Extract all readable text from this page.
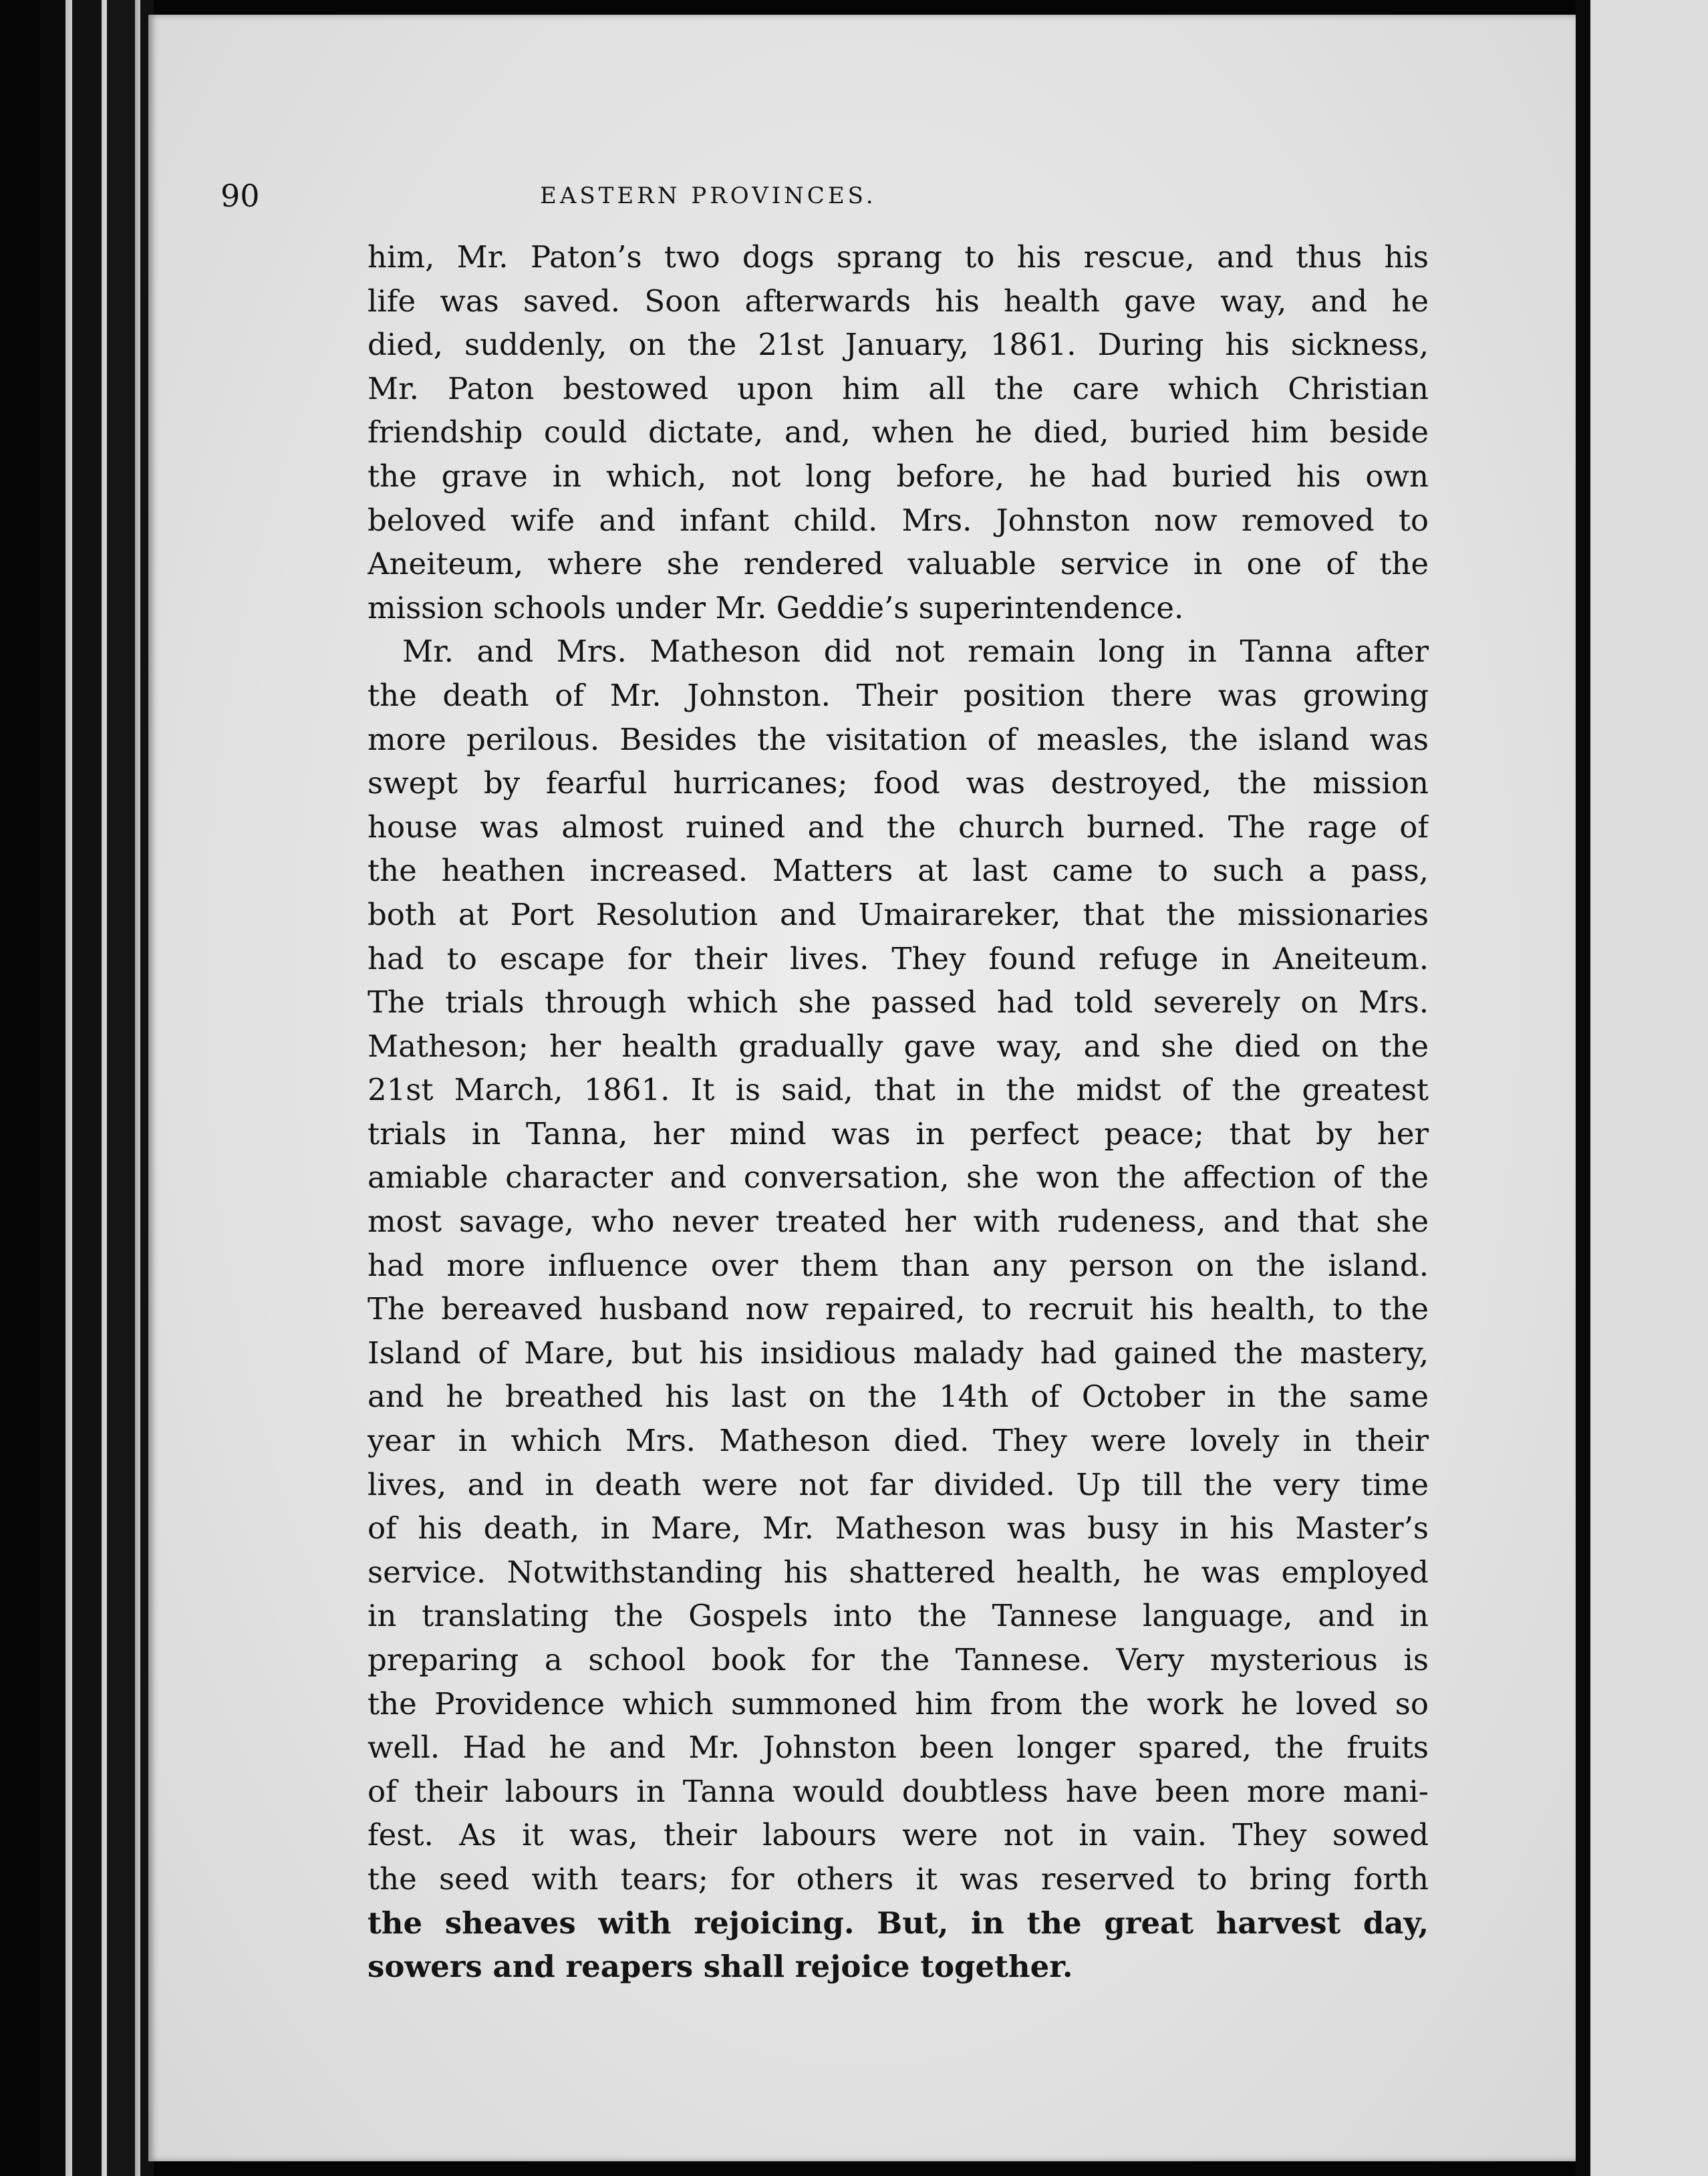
90	EASTERN PROVINCES.

him, Mr. Paton’s two dogs sprang to his rescue, and thus his
life was saved. Soon afterwards his health gave way, and he
died, suddenly, on the 21st January, 1861. During his sickness,
Mr. Paton bestowed upon him all the care which Christian
friendship could dictate, and, when he died, buried him beside
the grave in which, not long before, he had buried his own
beloved wife and infant child. Mrs. Johnston now removed to
Aneiteum, where she rendered valuable service in one of the
mission schools under Mr. Geddie’s superintendence.

Mr. and Mrs. Matheson did not remain long in Tanna after
the death of Mr. Johnston. Their position there was growing
more perilous. Besides the visitation of measles, the island was
swept by fearful hurricanes; food was destroyed, the mission
house was almost ruined and the church burned. The rage of
the heathen increased. Matters at last came to such a pass,
both at Port Resolution and Umairareker, that the missionaries
had to escape for their lives. They found refuge in Aneiteum.
The trials through which she passed had told severely on Mrs.
Matheson; her health gradually gave way, and she died on the
21st March, 1861. It is said, that in the midst of the greatest
trials in Tanna, her mind was in perfect peace; that by her
amiable character and conversation, she won the affection of the
most savage, who never treated her with rudeness, and that she
had more influence over them than any person on the island.
The bereaved husband now repaired, to recruit his health, to the
Island of Mare, but his insidious malady had gained the mastery,
and he breathed his last on the 14th of October in the same
year in which Mrs. Matheson died. They were lovely in their
lives, and in death were not far divided. Up till the very time
of his death, in Mare, Mr. Matheson was busy in his Master’s
service. Notwithstanding his shattered health, he was employed
in translating the Gospels into the Tannese language, and in
preparing a school book for the Tannese. Very mysterious is
the Providence which summoned him from the work he loved so
well. Had he and Mr. Johnston been longer spared, the fruits
of their labours in Tanna would doubtless have been more mani-
fest. As it was, their labours were not in vain. They sowed
the seed with tears; for others it was reserved to bring forth
the sheaves with rejoicing. But, in the great harvest day,
sowers and reapers shall rejoice together.
